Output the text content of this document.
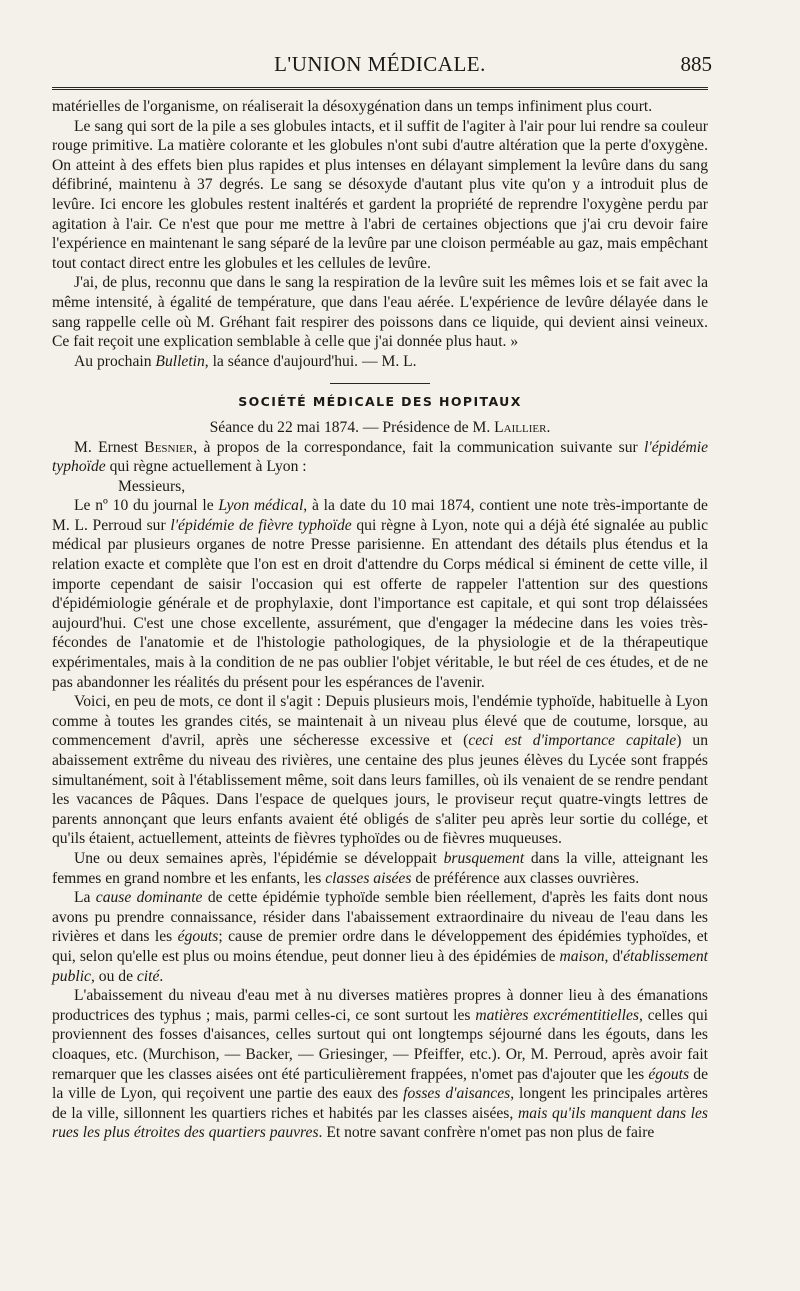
L'UNION MÉDICALE.	885

matérielles de l'organisme, on réaliserait la désoxygénation dans un temps infiniment plus court.

Le sang qui sort de la pile a ses globules intacts, et il suffit de l'agiter à l'air pour lui rendre sa couleur rouge primitive. La matière colorante et les globules n'ont subi d'autre altération que la perte d'oxygène. On atteint à des effets bien plus rapides et plus intenses en délayant simplement la levûre dans du sang défibriné, maintenu à 37 degrés. Le sang se désoxyde d'autant plus vite qu'on y a introduit plus de levûre. Ici encore les globules restent inaltérés et gardent la propriété de reprendre l'oxygène perdu par agitation à l'air. Ce n'est que pour me mettre à l'abri de certaines objections que j'ai cru devoir faire l'expérience en maintenant le sang séparé de la levûre par une cloison perméable au gaz, mais empêchant tout contact direct entre les globules et les cellules de levûre.

J'ai, de plus, reconnu que dans le sang la respiration de la levûre suit les mêmes lois et se fait avec la même intensité, à égalité de température, que dans l'eau aérée. L'expérience de levûre délayée dans le sang rappelle celle où M. Gréhant fait respirer des poissons dans ce liquide, qui devient ainsi veineux. Ce fait reçoit une explication semblable à celle que j'ai donnée plus haut. »

Au prochain Bulletin, la séance d'aujourd'hui. — M. L.

SOCIÉTÉ MÉDICALE DES HOPITAUX

Séance du 22 mai 1874. — Présidence de M. Laillier.

M. Ernest Besnier, à propos de la correspondance, fait la communication suivante sur l'épidémie typhoïde qui règne actuellement à Lyon :

Messieurs,

Le nº 10 du journal le Lyon médical, à la date du 10 mai 1874, contient une note très-importante de M. L. Perroud sur l'épidémie de fièvre typhoïde qui règne à Lyon, note qui a déjà été signalée au public médical par plusieurs organes de notre Presse parisienne. En attendant des détails plus étendus et la relation exacte et complète que l'on est en droit d'attendre du Corps médical si éminent de cette ville, il importe cependant de saisir l'occasion qui est offerte de rappeler l'attention sur des questions d'épidémiologie générale et de prophylaxie, dont l'importance est capitale, et qui sont trop délaissées aujourd'hui. C'est une chose excellente, assurément, que d'engager la médecine dans les voies très-fécondes de l'anatomie et de l'histologie pathologiques, de la physiologie et de la thérapeutique expérimentales, mais à la condition de ne pas oublier l'objet véritable, le but réel de ces études, et de ne pas abandonner les réalités du présent pour les espérances de l'avenir.

Voici, en peu de mots, ce dont il s'agit : Depuis plusieurs mois, l'endémie typhoïde, habituelle à Lyon comme à toutes les grandes cités, se maintenait à un niveau plus élevé que de coutume, lorsque, au commencement d'avril, après une sécheresse excessive et (ceci est d'importance capitale) un abaissement extrême du niveau des rivières, une centaine des plus jeunes élèves du Lycée sont frappés simultanément, soit à l'établissement même, soit dans leurs familles, où ils venaient de se rendre pendant les vacances de Pâques. Dans l'espace de quelques jours, le proviseur reçut quatre-vingts lettres de parents annonçant que leurs enfants avaient été obligés de s'aliter peu après leur sortie du collége, et qu'ils étaient, actuellement, atteints de fièvres typhoïdes ou de fièvres muqueuses.

Une ou deux semaines après, l'épidémie se développait brusquement dans la ville, atteignant les femmes en grand nombre et les enfants, les classes aisées de préférence aux classes ouvrières.

La cause dominante de cette épidémie typhoïde semble bien réellement, d'après les faits dont nous avons pu prendre connaissance, résider dans l'abaissement extraordinaire du niveau de l'eau dans les rivières et dans les égouts; cause de premier ordre dans le développement des épidémies typhoïdes, et qui, selon qu'elle est plus ou moins étendue, peut donner lieu à des épidémies de maison, d'établissement public, ou de cité.

L'abaissement du niveau d'eau met à nu diverses matières propres à donner lieu à des émanations productrices des typhus ; mais, parmi celles-ci, ce sont surtout les matières excrémentitielles, celles qui proviennent des fosses d'aisances, celles surtout qui ont longtemps séjourné dans les égouts, dans les cloaques, etc. (Murchison, — Backer, — Griesinger, — Pfeiffer, etc.). Or, M. Perroud, après avoir fait remarquer que les classes aisées ont été particulièrement frappées, n'omet pas d'ajouter que les égouts de la ville de Lyon, qui reçoivent une partie des eaux des fosses d'aisances, longent les principales artères de la ville, sillonnent les quartiers riches et habités par les classes aisées, mais qu'ils manquent dans les rues les plus étroites des quartiers pauvres. Et notre savant confrère n'omet pas non plus de faire
